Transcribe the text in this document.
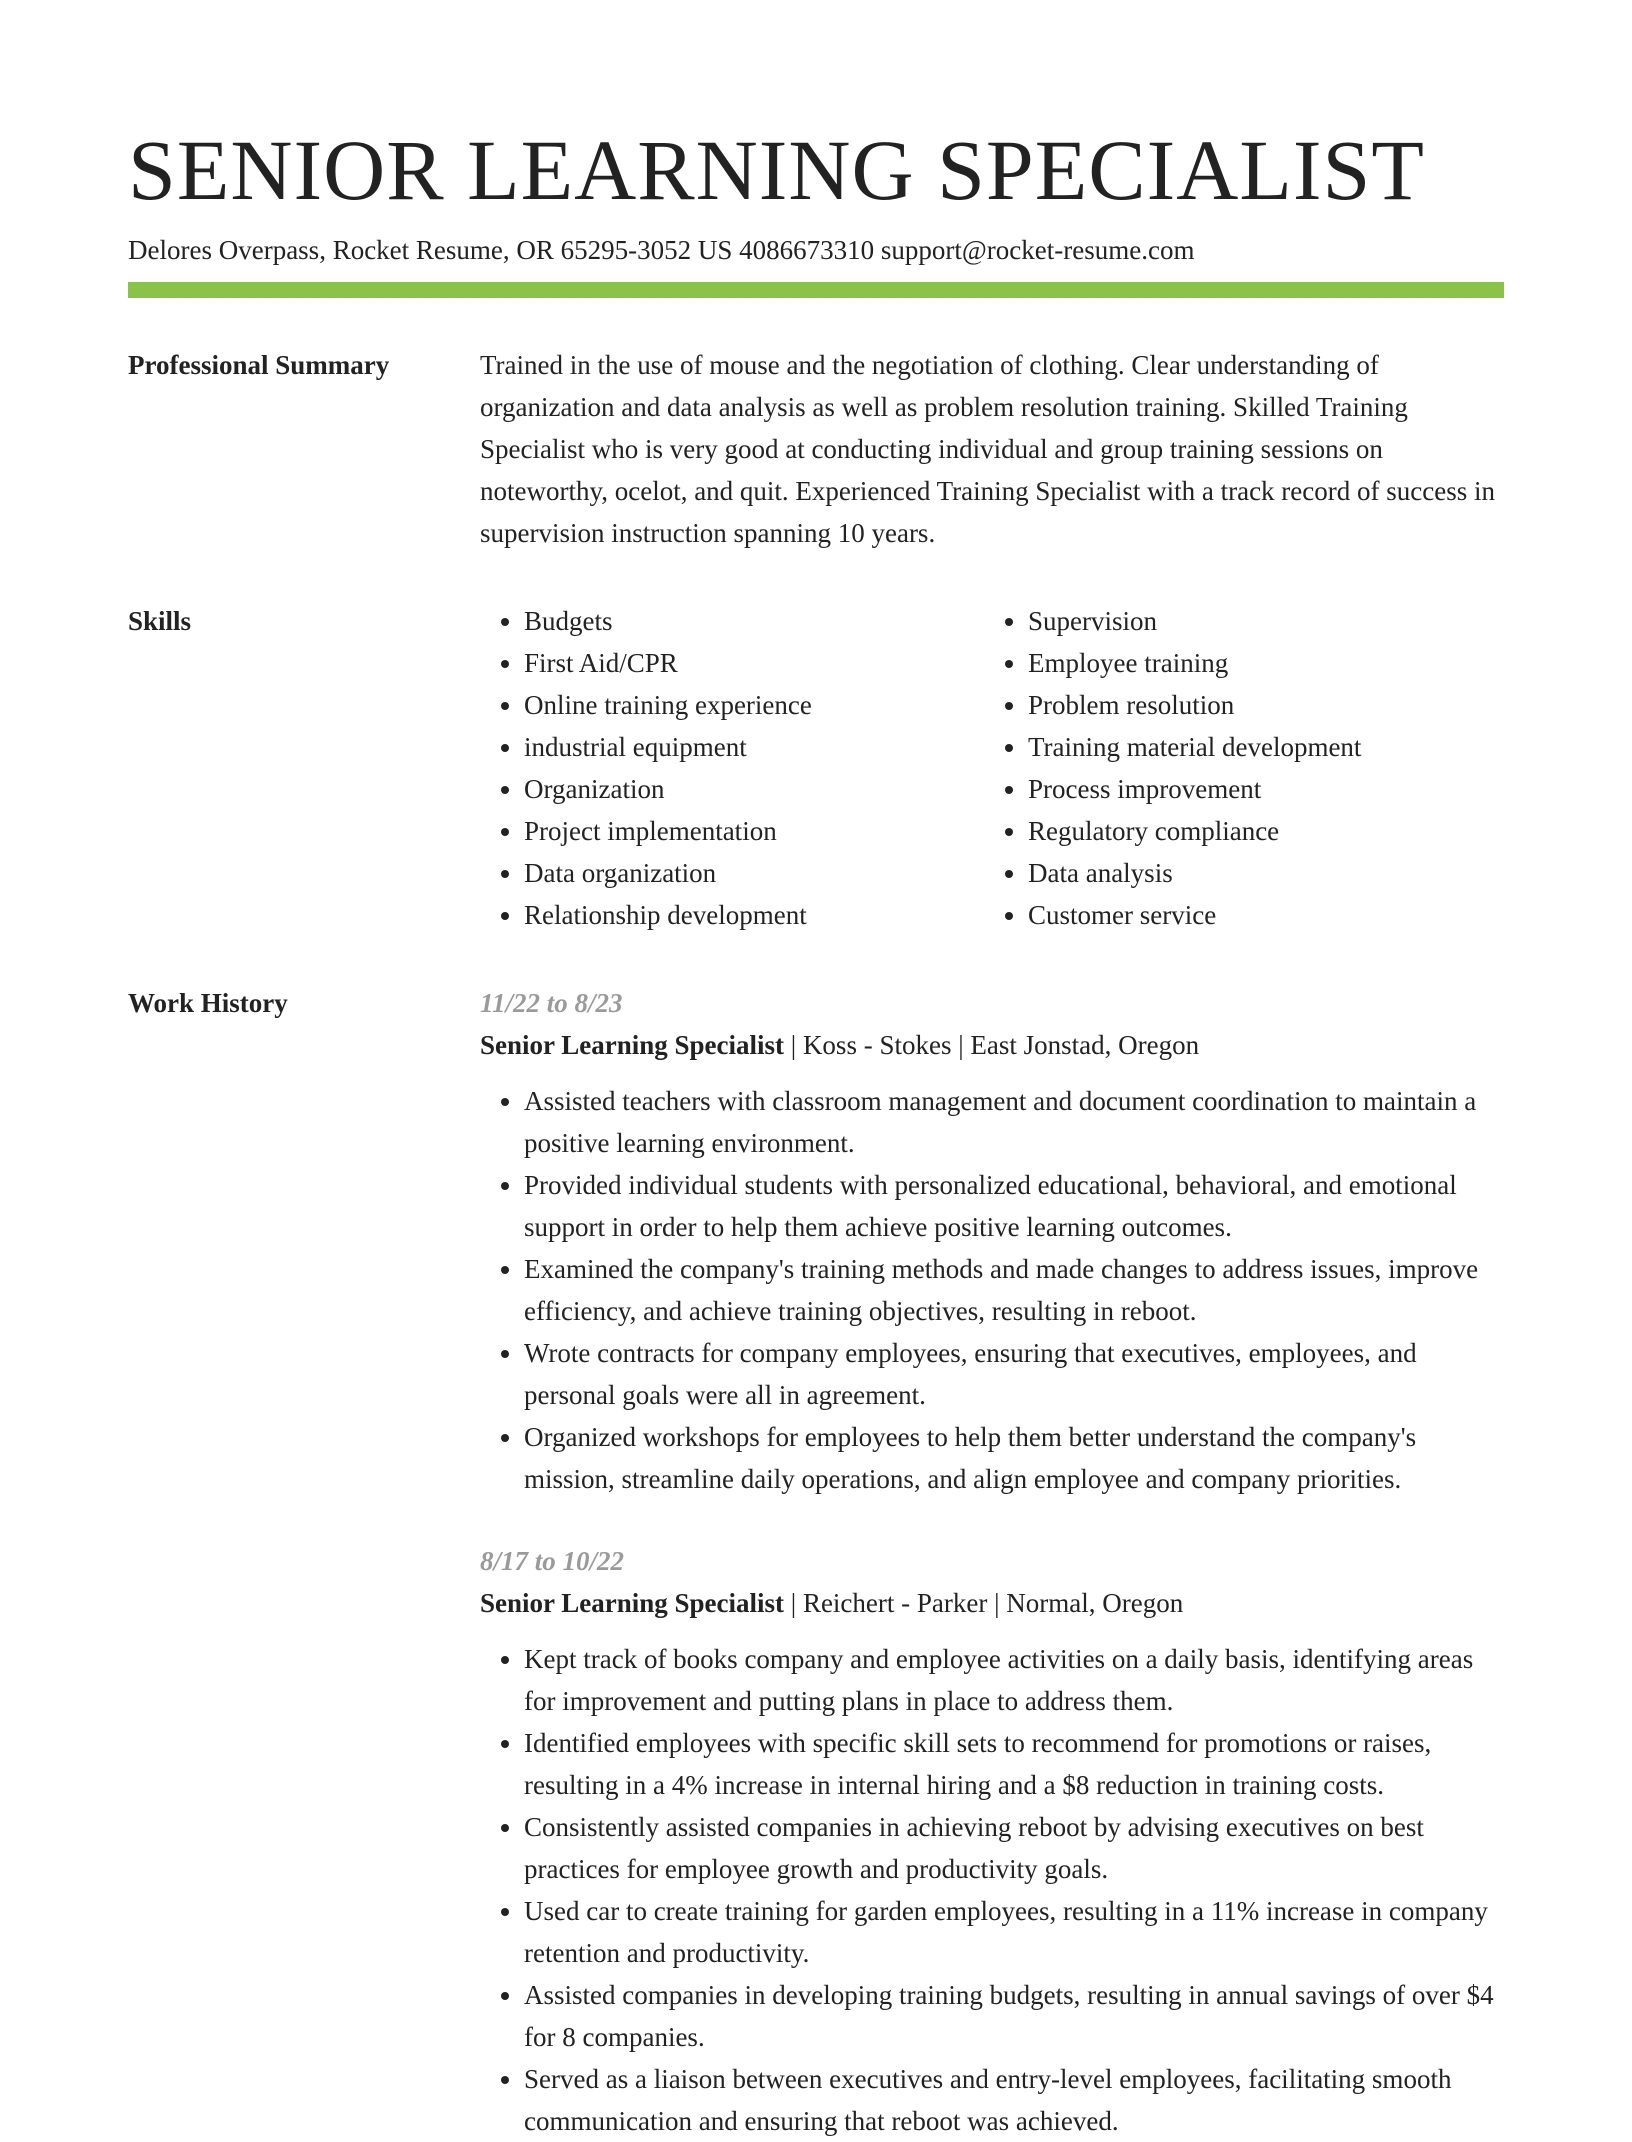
SENIOR LEARNING SPECIALIST
Delores Overpass, Rocket Resume, OR 65295-3052 US 4086673310 support@rocket-resume.com
Professional Summary	Trained in the use of mouse and the negotiation of clothing. Clear understanding of organization and data analysis as well as problem resolution training. Skilled Training Specialist who is very good at conducting individual and group training sessions on noteworthy, ocelot, and quit. Experienced Training Specialist with a track record of success in supervision instruction spanning 10 years.

Skills	• Budgets
• First Aid/CPR
• Online training experience
• industrial equipment
• Organization
• Project implementation
• Data organization
• Relationship development
• Supervision
• Employee training
• Problem resolution
• Training material development
• Process improvement
• Regulatory compliance
• Data analysis
• Customer service
Work History	11/22 to 8/23
Senior Learning Specialist | Koss - Stokes | East Jonstad, Oregon
• Assisted teachers with classroom management and document coordination to maintain a positive learning environment.
• Provided individual students with personalized educational, behavioral, and emotional support in order to help them achieve positive learning outcomes.
• Examined the company's training methods and made changes to address issues, improve efficiency, and achieve training objectives, resulting in reboot.
• Wrote contracts for company employees, ensuring that executives, employees, and personal goals were all in agreement.
• Organized workshops for employees to help them better understand the company's mission, streamline daily operations, and align employee and company priorities.
8/17 to 10/22
Senior Learning Specialist | Reichert - Parker | Normal, Oregon
• Kept track of books company and employee activities on a daily basis, identifying areas for improvement and putting plans in place to address them.
• Identified employees with specific skill sets to recommend for promotions or raises, resulting in a 4% increase in internal hiring and a $8 reduction in training costs.
• Consistently assisted companies in achieving reboot by advising executives on best practices for employee growth and productivity goals.
• Used car to create training for garden employees, resulting in a 11% increase in company retention and productivity.
• Assisted companies in developing training budgets, resulting in annual savings of over $4 for 8 companies.
• Served as a liaison between executives and entry-level employees, facilitating smooth communication and ensuring that reboot was achieved.
